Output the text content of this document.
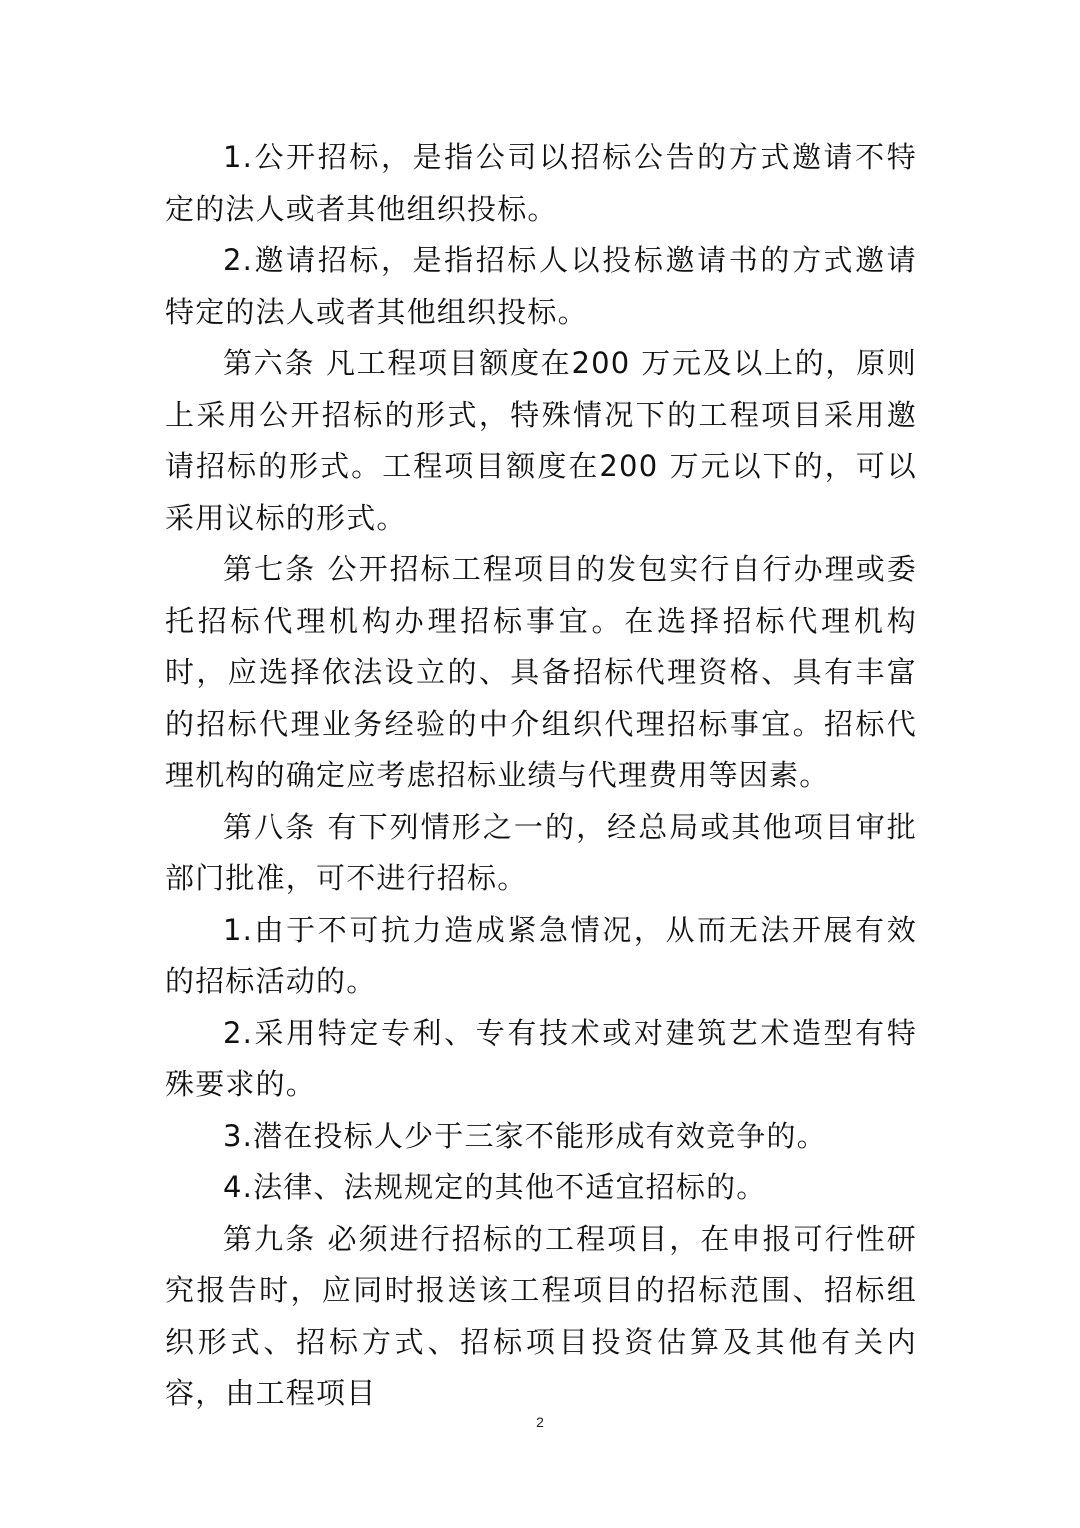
1.公开招标，是指公司以招标公告的方式邀请不特定的法人或者其他组织投标。

2.邀请招标，是指招标人以投标邀请书的方式邀请特定的法人或者其他组织投标。

第六条 凡工程项目额度在200 万元及以上的，原则上采用公开招标的形式，特殊情况下的工程项目采用邀请招标的形式。工程项目额度在200 万元以下的，可以采用议标的形式。

第七条 公开招标工程项目的发包实行自行办理或委托招标代理机构办理招标事宜。在选择招标代理机构时，应选择依法设立的、具备招标代理资格、具有丰富的招标代理业务经验的中介组织代理招标事宜。招标代理机构的确定应考虑招标业绩与代理费用等因素。

第八条 有下列情形之一的，经总局或其他项目审批部门批准，可不进行招标。

1.由于不可抗力造成紧急情况，从而无法开展有效的招标活动的。

2.采用特定专利、专有技术或对建筑艺术造型有特殊要求的。

3.潜在投标人少于三家不能形成有效竞争的。

4.法律、法规规定的其他不适宜招标的。

第九条 必须进行招标的工程项目，在申报可行性研究报告时，应同时报送该工程项目的招标范围、招标组织形式、招标方式、招标项目投资估算及其他有关内容，由工程项目

2
